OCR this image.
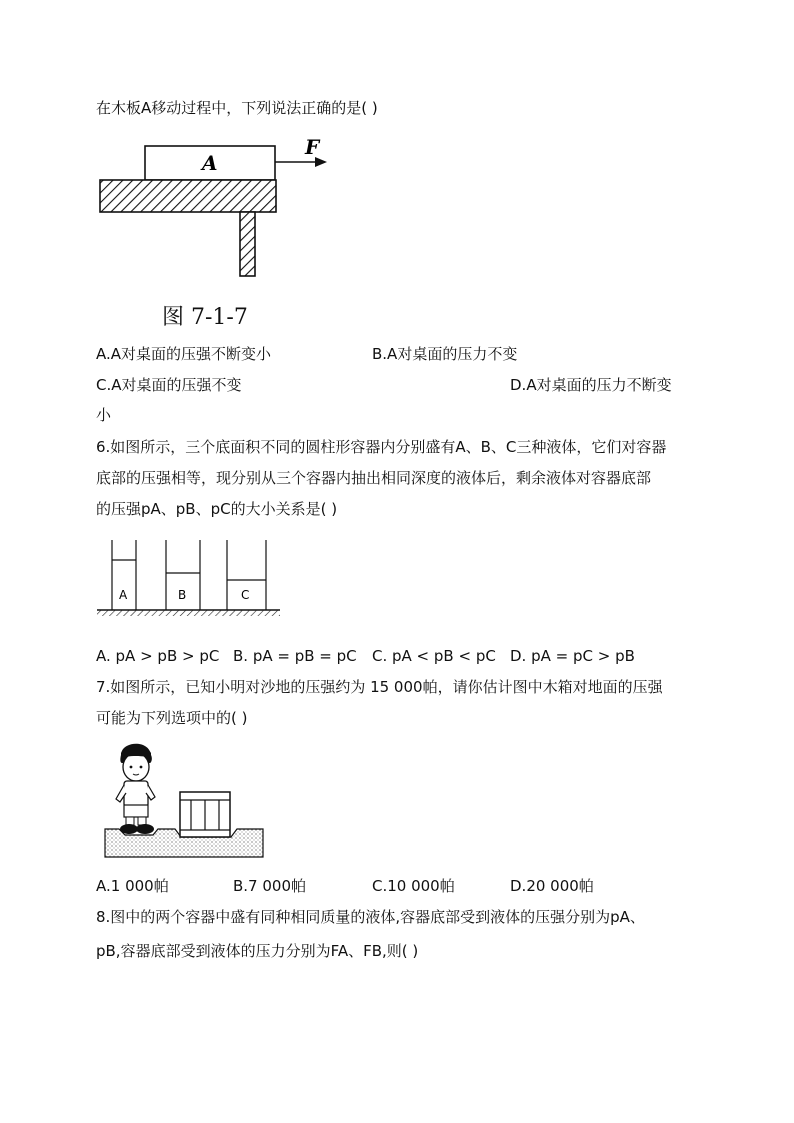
在木板A移动过程中，下列说法正确的是( )
A
F
图 7-1-7
A.A对桌面的压强不断变小	B.A对桌面的压力不变
C.A对桌面的压强不变	D.A对桌面的压力不断变
小
6.如图所示，三个底面积不同的圆柱形容器内分别盛有A、B、C三种液体，它们对容器
底部的压强相等，现分别从三个容器内抽出相同深度的液体后，剩余液体对容器底部
的压强pA、pB、pC的大小关系是( )
A	B	C
A. pA > pB > pC B. pA = pB = pC C. pA < pB < pC D. pA = pC > pB
7.如图所示，已知小明对沙地的压强约为 15 000帕，请你估计图中木箱对地面的压强
可能为下列选项中的( )
A.1 000帕	B.7 000帕	C.10 000帕	D.20 000帕
8.图中的两个容器中盛有同种相同质量的液体,容器底部受到液体的压强分别为pA、
pB,容器底部受到液体的压力分别为FA、FB,则( )
